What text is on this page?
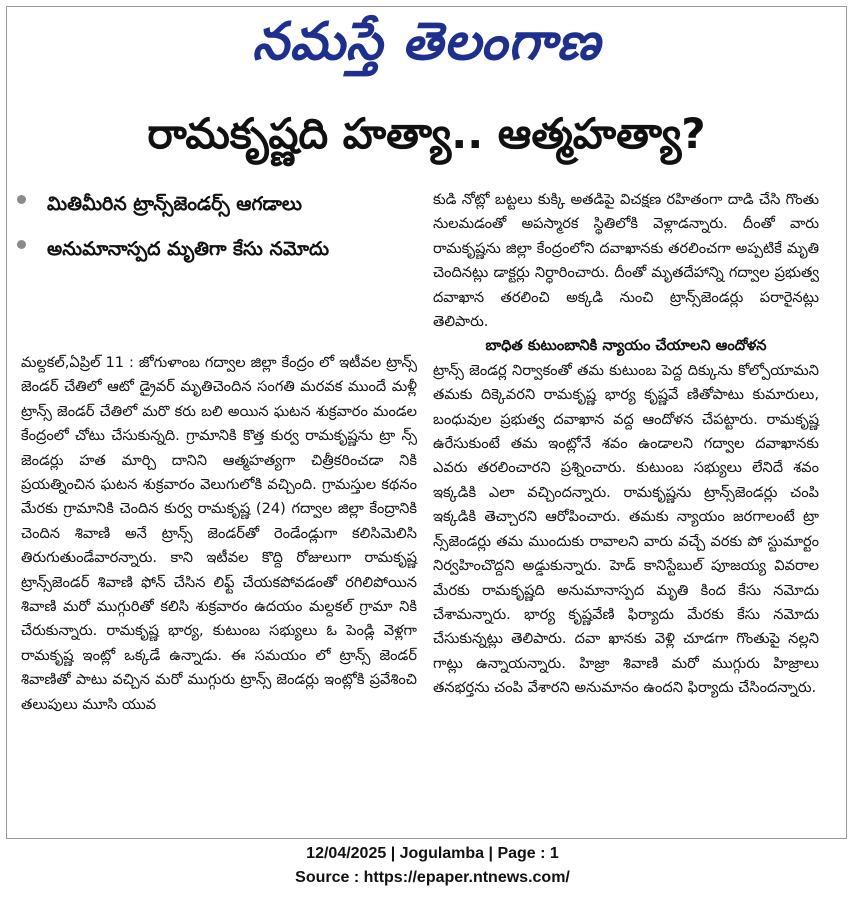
నమస్తే తెలంగాణ
రామకృష్ణది హత్యా.. ఆత్మహత్యా?
మితిమీరిన ట్రాన్స్‌జెండర్స్ ఆగడాలు
అనుమానాస్పద మృతిగా కేసు నమోదు

మల్దకల్,ఏప్రిల్ 11 : జోగుళాంబ గద్వాల జిల్లా కేంద్రం లో ఇటీవల ట్రాన్స్ జెండర్ చేతిలో ఆటో డ్రైవర్ మృతిచెందిన సంగతి మరవక ముందే మళ్లీ ట్రాన్స్ జెండర్ చేతిలో మరొ కరు బలి అయిన ఘటన శుక్రవారం మండల కేంద్రంలో చోటు చేసుకున్నది. గ్రామానికి కొత్త కుర్వ రామకృష్ణను ట్రా న్స్ జెండర్లు హత మార్చి దానిని ఆత్మహత్యగా చిత్రీకరించడా నికి ప్రయత్నించిన ఘటన శుక్రవారం వెలుగులోకి వచ్చింది. గ్రామస్తుల కథనం మేరకు గ్రామానికి చెందిన కుర్వ రామకృష్ణ (24) గద్వాల జిల్లా కేంద్రానికి చెందిన శివాణి అనే ట్రాన్స్ జెండర్‌తో రెండేండ్లుగా కలిసిమెలిసి తిరుగుతుండేవారన్నారు. కాని ఇటీవల కొద్ది రోజులుగా రామకృష్ణ ట్రాన్స్‌జెండర్ శివాణి ఫోన్ చేసిన లిఫ్ట్ చేయకపోవడంతో రగిలిపోయిన శివాణి మరో ముగ్గురితో కలిసి శుక్రవారం ఉదయం మల్దకల్ గ్రామా నికి చేరుకున్నారు. రామకృష్ణ భార్య, కుటుంబ సభ్యులు ఓ పెండ్లి వెళ్లగా రామకృష్ణ ఇంట్లో ఒక్కడే ఉన్నాడు. ఈ సమయం లో ట్రాన్స్ జెండర్ శివాణితో పాటు వచ్చిన మరో ముగ్గురు ట్రాన్స్ జెండర్లు ఇంట్లోకి ప్రవేశించి తలుపులు మూసి యువ

కుడి నోట్లో బట్టలు కుక్కి అతడిపై విచక్షణ రహితంగా దాడి చేసి గొంతు నులమడంతో అపస్మారక స్థితిలోకి వెళ్లాడన్నారు. దీంతో వారు రామకృష్ణను జిల్లా కేంద్రంలోని దవాఖానకు తరలించగా అప్పటికే మృతి చెందినట్లు డాక్టర్లు నిర్ధారించారు. దీంతో మృతదేహాన్ని గద్వాల ప్రభుత్వ దవాఖాన తరలించి అక్కడి నుంచి ట్రాన్స్‌జెండర్లు పరారైనట్లు తెలిపారు.

బాధిత కుటుంబానికి న్యాయం చేయాలని ఆందోళన

ట్రాన్స్ జెండర్ల నిర్వాకంతో తమ కుటుంబ పెద్ద దిక్కును కోల్పోయామని తమకు దిక్కెవరని రామకృష్ణ భార్య కృష్ణవే ణితోపాటు కుమారులు, బంధువుల ప్రభుత్వ దవాఖాన వద్ద ఆందోళన చేపట్టారు. రామకృష్ణ ఉరేసుకుంటే తమ ఇంట్లోనే శవం ఉండాలని గద్వాల దవాఖానకు ఎవరు తరలించారని ప్రశ్నించారు. కుటుంబ సభ్యులు లేనిదే శవం ఇక్కడికి ఎలా వచ్చిందన్నారు. రామకృష్ణను ట్రాన్స్‌జెండర్లు చంపి ఇక్కడికి తెచ్చారని ఆరోపించారు. తమకు న్యాయం జరగాలంటే ట్రా న్స్‌జెండర్లు తమ ముందుకు రావాలని వారు వచ్చే వరకు పో స్టుమార్టం నిర్వహించొద్దని అడ్డుకున్నారు. హెడ్ కానిస్టేబుల్ పూజయ్య వివరాల మేరకు రామకృష్ణది అనుమానాస్పద మృతి కింద కేసు నమోదు చేశామన్నారు. భార్య కృష్ణవేణి ఫిర్యాదు మేరకు కేసు నమోదు చేసుకున్నట్లు తెలిపారు. దవా ఖానకు వెళ్లి చూడగా గొంతుపై నల్లని గాట్లు ఉన్నాయన్నారు. హిజ్రా శివాణి మరో ముగ్గురు హిజ్రాలు తనభర్తను చంపి వేశారని అనుమానం ఉందని ఫిర్యాదు చేసిందన్నారు.

12/04/2025 | Jogulamba | Page : 1
Source : https://epaper.ntnews.com/
